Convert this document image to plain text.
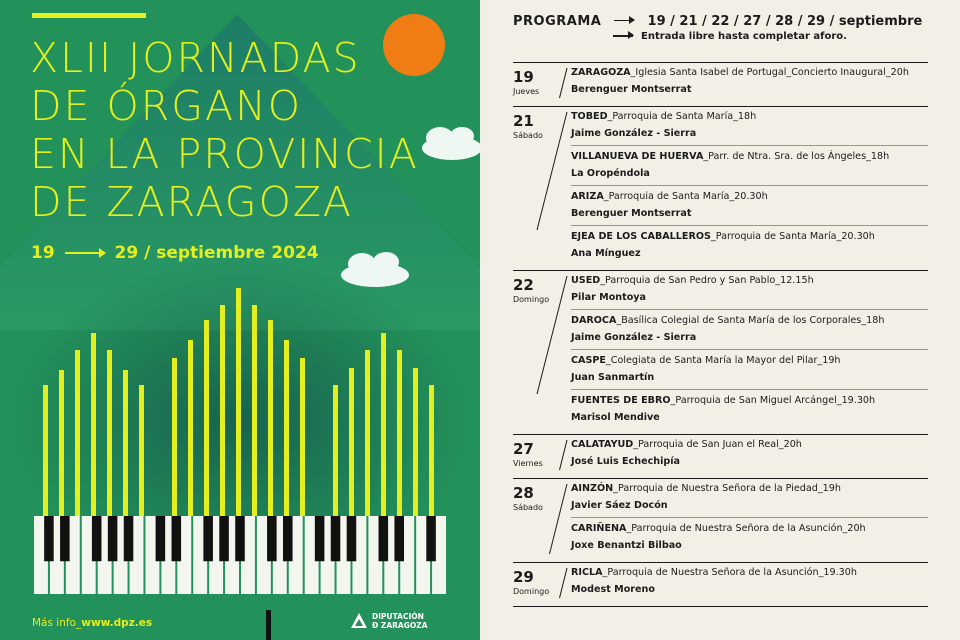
XLII JORNADAS
DE ÓRGANO
EN LA PROVINCIA
DE ZARAGOZA
19	29 / septiembre 2024
Más info_www.dpz.es
DIPUTACIÓN
Ð ZARAGOZA
PROGRAMA	19 / 21 / 22 / 27 / 28 / 29 / septiembre
Entrada libre hasta completar aforo.
19
Jueves
ZARAGOZA_Iglesia Santa Isabel de Portugal_Concierto Inaugural_20h
Berenguer Montserrat
21
Sábado
TOBED_Parroquia de Santa María_18h
Jaime González - Sierra
VILLANUEVA DE HUERVA_Parr. de Ntra. Sra. de los Ángeles_18h
La Oropéndola
ARIZA_Parroquia de Santa María_20.30h
Berenguer Montserrat
EJEA DE LOS CABALLEROS_Parroquia de Santa María_20.30h
Ana Mínguez
22
Domingo
USED_Parroquia de San Pedro y San Pablo_12.15h
Pilar Montoya
DAROCA_Basílica Colegial de Santa María de los Corporales_18h
Jaime González - Sierra
CASPE_Colegiata de Santa María la Mayor del Pilar_19h
Juan Sanmartín
FUENTES DE EBRO_Parroquia de San Miguel Arcángel_19.30h
Marisol Mendive
27
Viernes
CALATAYUD_Parroquia de San Juan el Real_20h
José Luis Echechipía
28
Sábado
AINZÓN_Parroquia de Nuestra Señora de la Piedad_19h
Javier Sáez Docón
CARIÑENA_Parroquia de Nuestra Señora de la Asunción_20h
Joxe Benantzi Bilbao
29
Domingo
RICLA_Parroquia de Nuestra Señora de la Asunción_19.30h
Modest Moreno
